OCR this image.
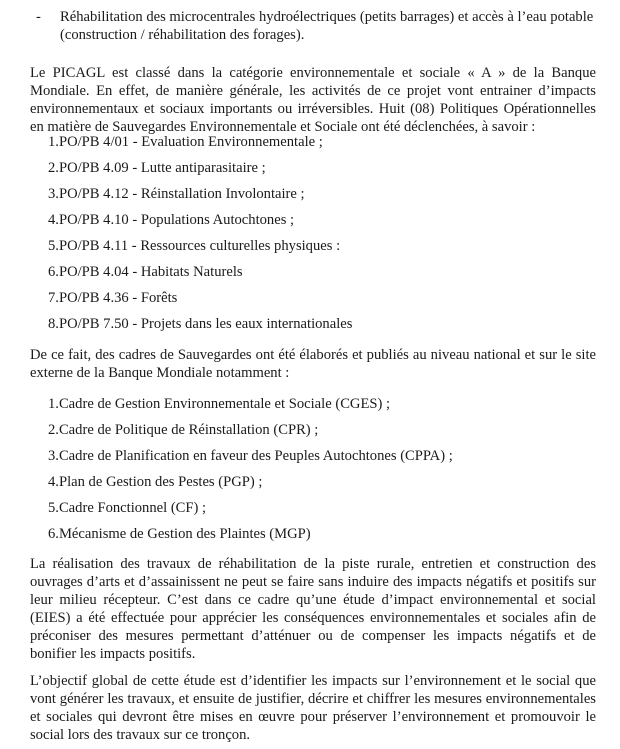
- Réhabilitation des microcentrales hydroélectriques (petits barrages) et accès à l’eau potable (construction / réhabilitation des forages).

Le PICAGL est classé dans la catégorie environnementale et sociale « A » de la Banque Mondiale. En effet, de manière générale, les activités de ce projet vont entrainer d’impacts environnementaux et sociaux importants ou irréversibles. Huit (08) Politiques Opérationnelles en matière de Sauvegardes Environnementale et Sociale ont été déclenchées, à savoir :

1.PO/PB 4/01 - Evaluation Environnementale ;
2.PO/PB 4.09 - Lutte antiparasitaire ;
3.PO/PB 4.12 - Réinstallation Involontaire ;
4.PO/PB 4.10 - Populations Autochtones ;
5.PO/PB 4.11 - Ressources culturelles physiques :
6.PO/PB 4.04 - Habitats Naturels
7.PO/PB 4.36 - Forêts
8.PO/PB 7.50 - Projets dans les eaux internationales

De ce fait, des cadres de Sauvegardes ont été élaborés et publiés au niveau national et sur le site externe de la Banque Mondiale notamment :

1.Cadre de Gestion Environnementale et Sociale (CGES) ;
2.Cadre de Politique de Réinstallation (CPR) ;
3.Cadre de Planification en faveur des Peuples Autochtones (CPPA) ;
4.Plan de Gestion des Pestes (PGP) ;
5.Cadre Fonctionnel (CF) ;
6.Mécanisme de Gestion des Plaintes (MGP)

La réalisation des travaux de réhabilitation de la piste rurale, entretien et construction des ouvrages d’arts et d’assainissent ne peut se faire sans induire des impacts négatifs et positifs sur leur milieu récepteur. C’est dans ce cadre qu’une étude d’impact environnemental et social (EIES) a été effectuée pour apprécier les conséquences environnementales et sociales afin de préconiser des mesures permettant d’atténuer ou de compenser les impacts négatifs et de bonifier les impacts positifs.

L’objectif global de cette étude est d’identifier les impacts sur l’environnement et le social que vont générer les travaux, et ensuite de justifier, décrire et chiffrer les mesures environnementales et sociales qui devront être mises en œuvre pour préserver l’environnement et promouvoir le social lors des travaux sur ce tronçon.
